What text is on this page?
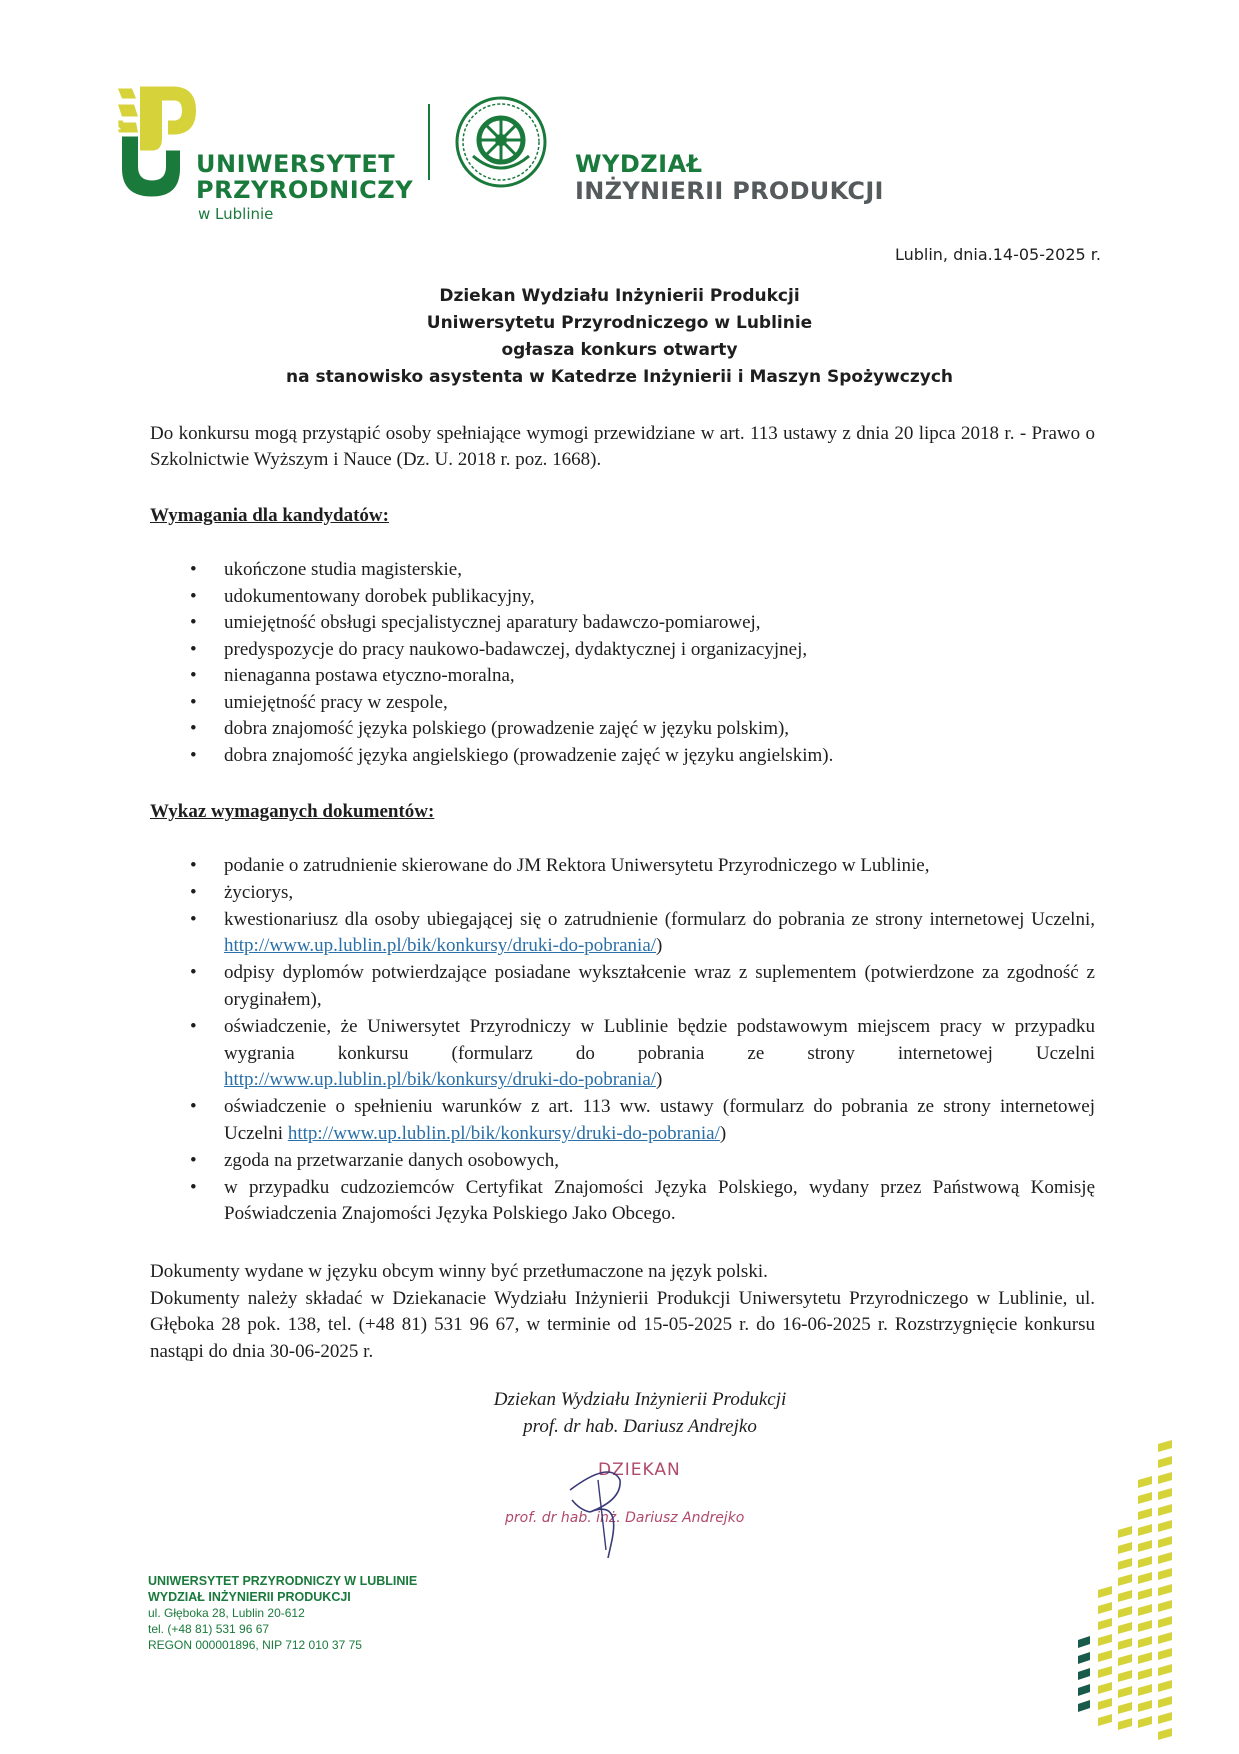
UNIWERSYTET
PRZYRODNICZY
w Lublinie
WYDZIAŁ
INŻYNIERII PRODUKCJI
Lublin, dnia.14-05-2025 r.
Dziekan Wydziału Inżynierii Produkcji
Uniwersytetu Przyrodniczego w Lublinie
ogłasza konkurs otwarty
na stanowisko asystenta w Katedrze Inżynierii i Maszyn Spożywczych
Do konkursu mogą przystąpić osoby spełniające wymogi przewidziane w art. 113 ustawy z dnia 20 lipca 2018 r. - Prawo o Szkolnictwie Wyższym i Nauce (Dz. U. 2018 r. poz. 1668).
Wymagania dla kandydatów:
• ukończone studia magisterskie,
• udokumentowany dorobek publikacyjny,
• umiejętność obsługi specjalistycznej aparatury badawczo-pomiarowej,
• predyspozycje do pracy naukowo-badawczej, dydaktycznej i organizacyjnej,
• nienaganna postawa etyczno-moralna,
• umiejętność pracy w zespole,
• dobra znajomość języka polskiego (prowadzenie zajęć w języku polskim),
• dobra znajomość języka angielskiego (prowadzenie zajęć w języku angielskim).
Wykaz wymaganych dokumentów:
• podanie o zatrudnienie skierowane do JM Rektora Uniwersytetu Przyrodniczego w Lublinie,
• życiorys,
• kwestionariusz dla osoby ubiegającej się o zatrudnienie (formularz do pobrania ze strony internetowej Uczelni, http://www.up.lublin.pl/bik/konkursy/druki-do-pobrania/)
• odpisy dyplomów potwierdzające posiadane wykształcenie wraz z suplementem (potwierdzone za zgodność z oryginałem),
• oświadczenie, że Uniwersytet Przyrodniczy w Lublinie będzie podstawowym miejscem pracy w przypadku wygrania konkursu (formularz do pobrania ze strony internetowej Uczelni http://www.up.lublin.pl/bik/konkursy/druki-do-pobrania/)
• oświadczenie o spełnieniu warunków z art. 113 ww. ustawy (formularz do pobrania ze strony internetowej Uczelni http://www.up.lublin.pl/bik/konkursy/druki-do-pobrania/)
• zgoda na przetwarzanie danych osobowych,
• w przypadku cudzoziemców Certyfikat Znajomości Języka Polskiego, wydany przez Państwową Komisję Poświadczenia Znajomości Języka Polskiego Jako Obcego.
Dokumenty wydane w języku obcym winny być przetłumaczone na język polski.
Dokumenty należy składać w Dziekanacie Wydziału Inżynierii Produkcji Uniwersytetu Przyrodniczego w Lublinie, ul. Głęboka 28 pok. 138, tel. (+48 81) 531 96 67, w terminie od 15-05-2025 r. do 16-06-2025 r. Rozstrzygnięcie konkursu nastąpi do dnia 30-06-2025 r.
Dziekan Wydziału Inżynierii Produkcji
prof. dr hab. Dariusz Andrejko
DZIEKAN
prof. dr hab. inż. Dariusz Andrejko
UNIWERSYTET PRZYRODNICZY W LUBLINIE
WYDZIAŁ INŻYNIERII PRODUKCJI
ul. Głęboka 28, Lublin 20-612
tel. (+48 81) 531 96 67
REGON 000001896, NIP 712 010 37 75
